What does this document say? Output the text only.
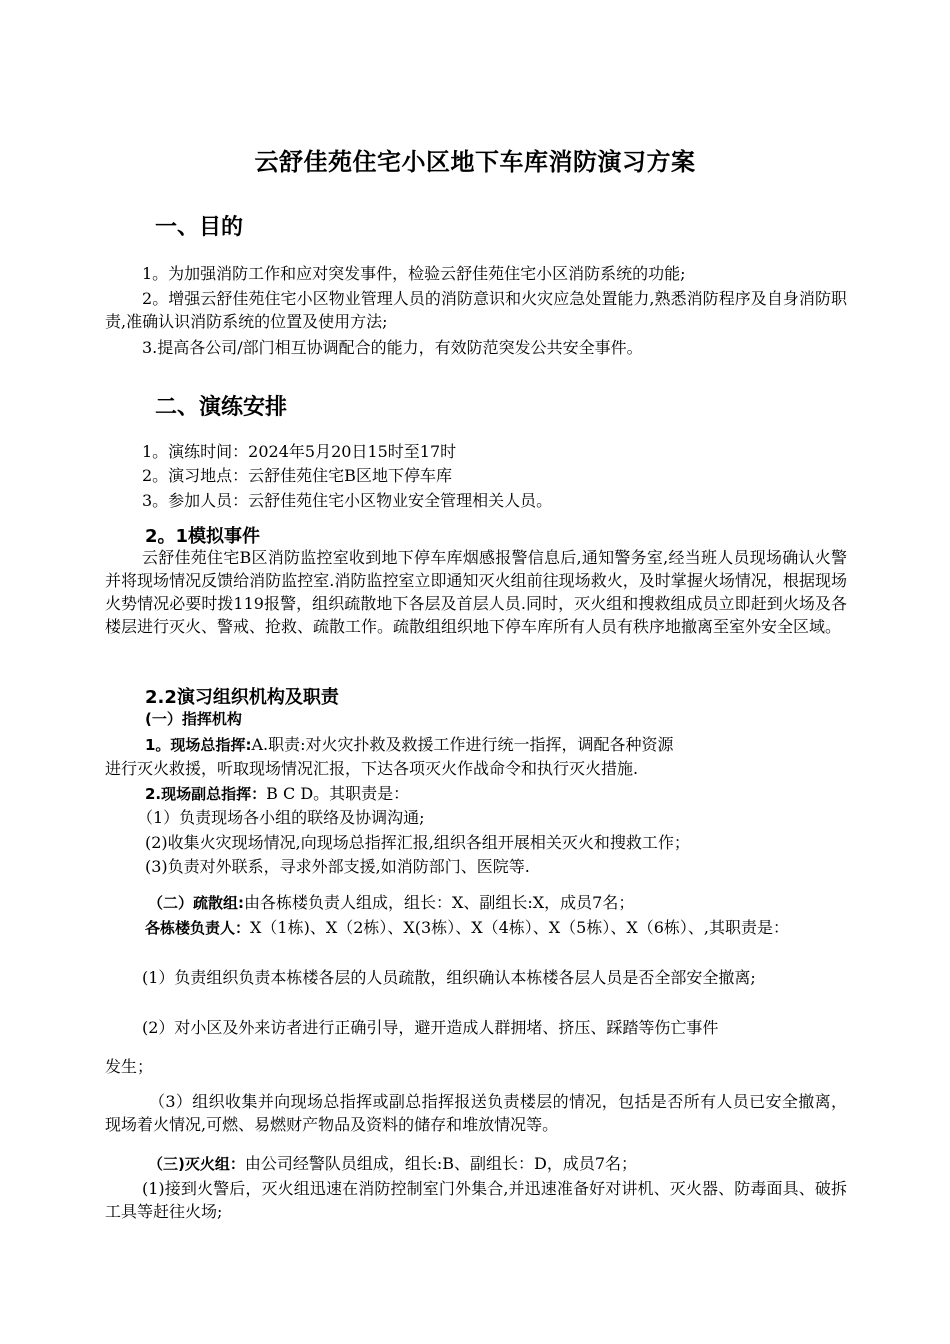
云舒佳苑住宅小区地下车库消防演习方案
一、目的
1。为加强消防工作和应对突发事件，检验云舒佳苑住宅小区消防系统的功能;
2。增强云舒佳苑住宅小区物业管理人员的消防意识和火灾应急处置能力,熟悉消防程序及自身消防职责,准确认识消防系统的位置及使用方法;
3.提高各公司/部门相互协调配合的能力，有效防范突发公共安全事件。
二、演练安排
1。演练时间：2024年5月20日15时至17时
2。演习地点：云舒佳苑住宅B区地下停车库
3。参加人员：云舒佳苑住宅小区物业安全管理相关人员。
2。1模拟事件
云舒佳苑住宅B区消防监控室收到地下停车库烟感报警信息后,通知警务室,经当班人员现场确认火警并将现场情况反馈给消防监控室.消防监控室立即通知灭火组前往现场救火，及时掌握火场情况，根据现场火势情况必要时拨119报警，组织疏散地下各层及首层人员.同时，灭火组和搜救组成员立即赶到火场及各楼层进行灭火、警戒、抢救、疏散工作。疏散组组织地下停车库所有人员有秩序地撤离至室外安全区域。
2.2演习组织机构及职责
(一）指挥机构
1。现场总指挥:A.职责:对火灾扑救及救援工作进行统一指挥，调配各种资源
进行灭火救援，听取现场情况汇报，下达各项灭火作战命令和执行灭火措施.
2.现场副总指挥：B C D。其职责是：
（1）负责现场各小组的联络及协调沟通;
(2)收集火灾现场情况,向现场总指挥汇报,组织各组开展相关灭火和搜救工作；
(3)负责对外联系，寻求外部支援,如消防部门、医院等.
（二）疏散组:由各栋楼负责人组成，组长：X、副组长:X，成员7名；
各栋楼负责人：X（1栋)、X（2栋）、X(3栋）、X（4栋）、X（5栋）、X（6栋）、,其职责是：
(1）负责组织负责本栋楼各层的人员疏散，组织确认本栋楼各层人员是否全部安全撤离;
(2）对小区及外来访者进行正确引导，避开造成人群拥堵、挤压、踩踏等伤亡事件
发生；
（3）组织收集并向现场总指挥或副总指挥报送负责楼层的情况，包括是否所有人员已安全撤离，现场着火情况,可燃、易燃财产物品及资料的储存和堆放情况等。
（三)灭火组：由公司经警队员组成，组长:B、副组长：D，成员7名；
(1)接到火警后，灭火组迅速在消防控制室门外集合,并迅速准备好对讲机、灭火器、防毒面具、破拆工具等赶往火场;
